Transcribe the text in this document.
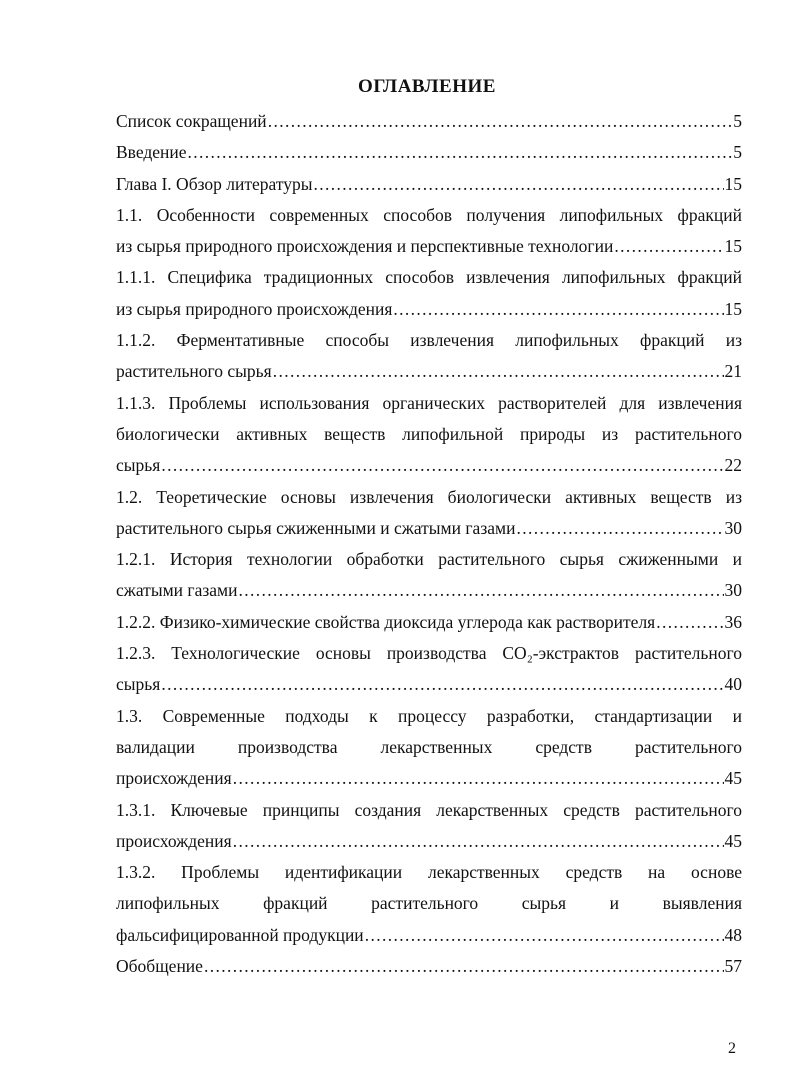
ОГЛАВЛЕНИЕ
Список сокращений . . .	5
Введение . . .	5
Глава I. Обзор литературы . . .	15
1.1. Особенности современных способов получения липофильных фракций
из сырья природного происхождения и перспективные технологии . . .	15
1.1.1. Специфика традиционных способов извлечения липофильных фракций
из сырья природного происхождения . . .	15
1.1.2. Ферментативные способы извлечения липофильных фракций из
растительного сырья . . .	21
1.1.3. Проблемы использования органических растворителей для извлечения
биологически активных веществ липофильной природы из растительного
сырья . . .	22
1.2. Теоретические основы извлечения биологически активных веществ из
растительного сырья сжиженными и сжатыми газами . . .	30
1.2.1. История технологии обработки растительного сырья сжиженными и
сжатыми газами . . .	30
1.2.2. Физико-химические свойства диоксида углерода как растворителя . . .	36
1.2.3. Технологические основы производства CO₂-экстрактов растительного
сырья . . .	40
1.3. Современные подходы к процессу разработки, стандартизации и
валидации производства лекарственных средств растительного
происхождения . . .	45
1.3.1. Ключевые принципы создания лекарственных средств растительного
происхождения . . .	45
1.3.2. Проблемы идентификации лекарственных средств на основе
липофильных фракций растительного сырья и выявления
фальсифицированной продукции . . .	48
Обобщение . . .	57
2
